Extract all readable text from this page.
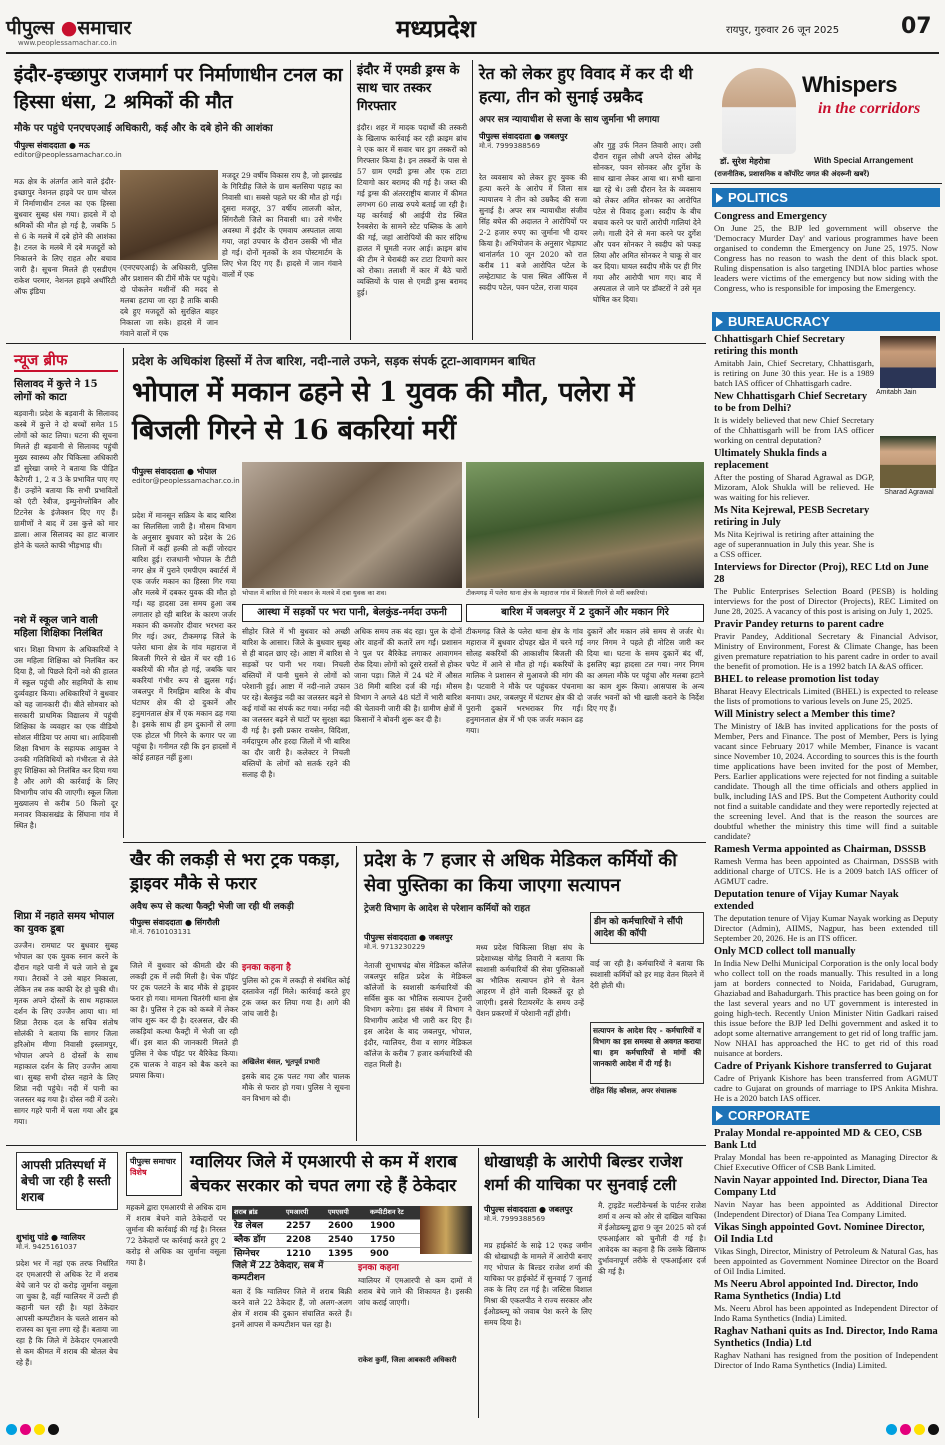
पीपुल्स ●समाचार
www.peoplessamachar.co.in	मध्यप्रदेश	रायपुर, गुरुवार 26 जून 2025	07
इंदौर-इच्छापुर राजमार्ग पर निर्माणाधीन टनल का हिस्सा धंसा, 2 श्रमिकों की मौत
मौके पर पहुंचे एनएचएआई अधिकारी, कई और के दबे होने की आशंका
पीपुल्स संवाददाता ● मऊ
editor@peoplessamachar.co.in
मऊ क्षेत्र के अंतर्गत आने वाले इंदौर-इच्छापुर नेशनल हाइवे पर ग्राम चोरल में निर्माणाधीन टनल का एक हिस्सा बुधवार सुबह धंस गया। हादसे में दो श्रमिकों की मौत हो गई है, जबकि 5 से 6 के मलबे में दबे होने की आशंका है। टनल के मलबे में दबे मजदूरों को निकालने के लिए राहत और बचाव जारी है। सूचना मिलते ही एसडीएम राकेश परमार, नेशनल हाइवे अथॉरिटी ऑफ इंडिया
(एनएचएआई) के अधिकारी, पुलिस और प्रशासन की टीमें मौके पर पहुंचे। दो पोकलेन मशीनों की मदद से मलबा हटाया जा रहा है ताकि बाकी दबे हुए मजदूरों को सुरक्षित बाहर निकाला जा सके। हादसे में जान गंवाने वालों में एक
मजदूर 29 वर्षीय विकास राय है, जो झारखंड के गिरिडीह जिले के ग्राम बलसिया पहाड़ का निवासी था। सबसे पहले घर की मौत हो गई। दूसरा मजदूर, 37 वर्षीय लालजी कोल, सिंगरौली जिले का निवासी था। उसे गंभीर अवस्था में इंदौर के एमवाय अस्पताल लाया गया, जहां उपचार के दौरान उसकी भी मौत हो गई। दोनों मृतकों के शव पोस्टमार्टम के लिए भेज दिए गए हैं। हादसे में जान गंवाने वालों में एक
इंदौर में एमडी ड्रग्स के साथ चार तस्कर गिरफ्तार
इंदौर। शहर में मादक पदार्थों की तस्करी के खिलाफ कार्रवाई कर रही क्राइम ब्रांच ने एक कार में सवार चार ड्रग तस्करों को गिरफ्तार किया है। इन तस्करों के पास से 57 ग्राम एमडी ड्रग्स और एक टाटा टियागो कार बरामद की गई है। जब्त की गई ड्रग्स की अंतरराष्ट्रीय बाजार में कीमत लगभग 60 लाख रुपये बताई जा रही है। यह कार्रवाई श्री आईपी रोड स्थित रैनबसेरा के सामने स्टेट पब्लिक के आगे की गई, जहां आरोपियों की कार संदिग्ध हालत में घूमती नजर आई। क्राइम ब्रांच की टीम ने घेराबंदी कर टाटा टियागो कार को रोका। तलाशी में कार में बैठे चारों व्यक्तियों के पास से एमडी ड्रग्स बरामद हुई।
रेत को लेकर हुए विवाद में कर दी थी हत्या, तीन को सुनाई उम्रकैद
अपर सत्र न्यायाधीश से सजा के साथ जुर्माना भी लगाया
पीपुल्स संवाददाता ● जबलपुर
मो.नं. 7999388569
रेत व्यवसाय को लेकर हुए युवक की हत्या करने के आरोप में जिला सत्र न्यायालय ने तीन को उम्रकैद की सजा सुनाई है। अपर सत्र न्यायाधीश संजीव सिंह बघेल की अदालत ने आरोपियों पर 2-2 हजार रुपए का जुर्माना भी दायर किया है। अभियोजन के अनुसार भेड़ाघाट थानांतर्गत 10 जून 2020 को रात करीब 11 बजे आरोपित पटेल के लम्हेटाघाट के पास स्थित ऑफिस में स्वदीप पटेल, पवन पटेल, राजा यादव
और गुड्ड उर्फ नितन तिवारी आए। उसी दौरान राहुल लोधी अपने दोस्त ओमेंद्र सोनकर, पवन सोनकर और दुर्गेश के साथ खाना लेकर आया था। सभी खाना खा रहे थे। उसी दौरान रेत के व्यवसाय को लेकर अमित सोनकर का आरोपित पटेल से विवाद हुआ। स्वदीप के बीच बचाव करने पर चारों आरोपी गालियां देने लगे। गाली देने से मना करने पर दुर्गेश और पवन सोनकर ने स्वदीप को पकड़ लिया और अमित सोनकर ने चाकू से वार कर दिया। घायल स्वदीप मौके पर ही गिर गया और आरोपी भाग गए। बाद में अस्पताल ले जाने पर डॉक्टरों ने उसे मृत घोषित कर दिया।
Whispers
in the corridors
डॉ. सुरेश मेहरोत्रा	With Special Arrangement
(राजनीतिक, प्रशासनिक व कॉर्पोरेट जगत की अंदरूनी खबरें)
POLITICS
Congress and Emergency
On June 25, the BJP led government will observe the 'Democracy Murder Day' and various programmes have been organised to condemn the Emergency on June 25, 1975. Now Congress has no reason to wash the dent of this black spot. Ruling dispensation is also targeting INDIA bloc parties whose leaders were victims of the emergency but now siding with the Congress, who is responsible for imposing the Emergency.
BUREAUCRACY
Amitabh Jain
Sharad Agrawal
Chhattisgarh Chief Secretary retiring this month
Amitabh Jain, Chief Secretary, Chhattisgarh, is retiring on June 30 this year. He is a 1989 batch IAS officer of Chhattisgarh cadre.
New Chhattisgarh Chief Secretary to be from Delhi?
It is widely believed that new Chief Secretary of the Chhattisgarh will be from IAS officer working on central deputation?
Ultimately Shukla finds a replacement
After the posting of Sharad Agrawal as DGP, Mizoram, Alok Shukla will be relieved. He was waiting for his reliever.
Ms Nita Kejrewal, PESB Secretary retiring in July
Ms Nita Kejriwal is retiring after attaining the age of superannuation in July this year. She is a CSS officer.
Interviews for Director (Proj), REC Ltd on June 28
The Public Enterprises Selection Board (PESB) is holding interviews for the post of Director (Projects), REC Limited on June 28, 2025. A vacancy of this post is arising on July 1, 2025.
Pravir Pandey returns to parent cadre
Pravir Pandey, Additional Secretary & Financial Advisor, Ministry of Environment, Forest & Climate Change, has been given premature repatriation to his parent cadre in order to avail the benefit of promotion. He is a 1992 batch IA &AS officer.
BHEL to release promotion list today
Bharat Heavy Electricals Limited (BHEL) is expected to release the lists of promotions to various levels on June 25, 2025.
Will Ministry select a Member this time?
The Ministry of I&B has invited applications for the posts of Member, Pers and Finance. The post of Member, Pers is lying vacant since February 2017 while Member, Finance is vacant since November 10, 2024. According to sources this is the fourth time applications have been invited for the post of Member, Pers. Earlier applications were rejected for not finding a suitable candidate. Though all the time officials and others applied in bulk, including IAS and IPS. But the Competent Authority could not find a suitable candidate and they were reportedly rejected at the screening level. And that is the reason the sources are doubtful whether the ministry this time will find a suitable candidate?
Ramesh Verma appointed as Chairman, DSSSB
Ramesh Verma has been appointed as Chairman, DSSSB with additional charge of UTCS. He is a 2009 batch IAS officer of AGMUT cadre.
Deputation tenure of Vijay Kumar Nayak extended
The deputation tenure of Vijay Kumar Nayak working as Deputy Director (Admin), AIIMS, Nagpur, has been extended till September 20, 2026. He is an ITS officer.
Only MCD collect toll manually
In India New Delhi Municipal Corporation is the only local body who collect toll on the roads manually. This resulted in a long jam at borders connected to Noida, Faridabad, Gurugram, Ghaziabad and Bahadurgarh. This practice has been going on for the last several years and no UT government is interested in going high-tech. Recently Union Minister Nitin Gadkari raised this issue before the BJP led Delhi government and asked it to adopt some alternative arrangement to get rid of long traffic jam. Now NHAI has approached the HC to get rid of this road nuisance at borders.
Cadre of Priyank Kishore transferred to Gujarat
Cadre of Priyank Kishore has been transferred from AGMUT cadre to Gujarat on grounds of marriage to IPS Ankita Mishra. He is a 2020 batch IAS officer.
CORPORATE
Pralay Mondal re-appointed MD & CEO, CSB Bank Ltd
Pralay Mondal has been re-appointed as Managing Director & Chief Executive Officer of CSB Bank Limited.
Navin Nayar appointed Ind. Director, Diana Tea Company Ltd
Navin Nayar has been appointed as Additional Director (Independent Director) of Diana Tea Company Limited.
Vikas Singh appointed Govt. Nominee Director, Oil India Ltd
Vikas Singh, Director, Ministry of Petroleum & Natural Gas, has been appointed as Government Nominee Director on the Board of Oil India Limited.
Ms Neeru Abrol appointed Ind. Director, Indo Rama Synthetics (India) Ltd
Ms. Neeru Abrol has been appointed as Independent Director of Indo Rama Synthetics (India) Limited.
Raghav Nathani quits as Ind. Director, Indo Rama Synthetics (India) Ltd
Raghav Nathani has resigned from the position of Independent Director of Indo Rama Synthetics (India) Limited.
न्यूज ब्रीफ
सिलावद में कुत्ते ने 15 लोगों को काटा
बड़वानी। प्रदेश के बड़वानी के सिलावद कस्बे में कुत्ते ने दो बच्चों समेत 15 लोगों को काट लिया। घटना की सूचना मिलते ही बड़वानी से सिलावद पहुंची मुख्य स्वास्थ्य और चिकित्सा अधिकारी डॉ सुरेखा जमरे ने बताया कि पीड़ित कैटेगरी 1, 2 व 3 के प्रभावित पाए गए हैं। उन्होंने बताया कि सभी प्रभावितों को एंटी रेबीज, इम्युनोग्लोबिन और टिटनेस के इंजेक्शन दिए गए हैं। ग्रामीणों ने बाद में उस कुत्ते को मार डाला। आज सिलावद का हाट बाजार होने के चलते काफी भीड़भाड़ थी।
नशे में स्कूल जाने वाली महिला शिक्षिका निलंबित
धार। शिक्षा विभाग के अधिकारियों ने उस महिला शिक्षिका को निलंबित कर दिया है, जो पिछले दिनों नशे की हालत में स्कूल पहुंची और सहमियों के साथ दुर्व्यवहार किया। अधिकारियों ने बुधवार को यह जानकारी दी। बीते सोमवार को सरकारी प्राथमिक विद्यालय में पहुंची शिक्षिका के व्यवहार का एक वीडियो सोशल मीडिया पर आया था। आदिवासी शिक्षा विभाग के सहायक आयुक्त ने उनकी गतिविधियों को गंभीरता से लेते हुए शिक्षिका को निलंबित कर दिया गया है और आगे की कार्रवाई के लिए विभागीय जांच की जाएगी। स्कूल जिला मुख्यालय से करीब 50 किलो दूर मनावर विकासखंड के सिंघाना गांव में स्थित है।
शिप्रा में नहाते समय भोपाल का युवक डूबा
उज्जैन। रामघाट पर बुधवार सुबह भोपाल का एक युवक स्नान करने के दौरान गहरे पानी में चले जाने से डूब गया। तैराकों ने उसे बाहर निकाला, लेकिन तब तक काफी देर हो चुकी थी। मृतक अपने दोस्तों के साथ महाकाल दर्शन के लिए उज्जैन आया था। मां शिप्रा तैराक दल के सचिव संतोष सोलंकी ने बताया कि सागर जिला हरिओम मीणा निवासी इस्लामपुर, भोपाल अपने 8 दोस्तों के साथ महाकाल दर्शन के लिए उज्जैन आया था। सुबह सभी दोस्त नहाने के लिए शिप्रा नदी पहुंचे। नदी में पानी का जलस्तर बढ़ गया है। दोस्त नदी में उतरे। सागर गहरे पानी में चला गया और डूब गया।
प्रदेश के अधिकांश हिस्सों में तेज बारिश, नदी-नाले उफने, सड़क संपर्क टूटा-आवागमन बाधित
भोपाल में मकान ढहने से 1 युवक की मौत, पलेरा में बिजली गिरने से 16 बकरियां मरीं
पीपुल्स संवाददाता ● भोपाल
editor@peoplessamachar.co.in
प्रदेश में मानसून सक्रिय के बाद बारिश का सिलसिला जारी है। मौसम विभाग के अनुसार बुधवार को प्रदेश के 26 जिलों में कहीं हल्की तो कहीं जोरदार बारिश हुई। राजधानी भोपाल के टीटी नगर क्षेत्र में पुराने एमपीएम क्वार्टर्स में एक जर्जर मकान का हिस्सा गिर गया और मलबे में दबकर युवक की मौत हो गई। यह हादसा उस समय हुआ जब लगातार हो रही बारिश के कारण जर्जर मकान की कमजोर दीवार भरभरा कर गिर गई। उधर, टीकमगढ़ जिले के पलेरा थाना क्षेत्र के गांव महाराज में बिजली गिरने से खेत में चर रही 16 बकरियों की मौत हो गई, जबकि चार बकरियां गंभीर रूप से झुलस गई। जबलपुर में रिमझिम बारिश के बीच घंटाघर क्षेत्र की दो दुकानें और हनुमानताल क्षेत्र में एक मकान ढह गया है। इसके साथ ही हम दुकानों से लगा एक होटल भी गिरने के कगार पर जा पहुंचा है। गनीमत रही कि इन हादसों में कोई हताहत नहीं हुआ।
भोपाल में बारिश से गिरे मकान के मलबे में दबा युवक का शव।	टीकमगढ़ में पलेरा थाना क्षेत्र के महाराज गांव में बिजली गिरने से मरीं बकरियां।
आस्था में सड़कों पर भरा पानी, बेलकुंड-नर्मदा उफनी	बारिश में जबलपुर में 2 दुकानें और मकान गिरे
सीहोर जिले में भी बुधवार को अच्छी बारिश के आसार। जिले के बुधवार सुबह से ही बादल छाए रहे। आष्टा में बारिश से सड़कों पर पानी भर गया। निचली बस्तियों में पानी घुसने से लोगों को परेशानी हुई। आष्टा में नदी-नाले उफान पर रहे। बेलकुंड नदी का जलस्तर बढ़ने से कई गांवों का संपर्क कट गया। नर्मदा नदी का जलस्तर बढ़ने से घाटों पर सुरक्षा बढ़ा दी गई है। इसी प्रकार रायसेन, विदिशा, नर्मदापुरम और हरदा जिलों में भी बारिश का दौर जारी है। कलेक्टर ने निचली बस्तियों के लोगों को सतर्क रहने की सलाह दी है।
अधिक समय तक बंद रहा। पुल के दोनों ओर वाहनों की कतारें लग गईं। प्रशासन ने पुल पर बैरिकेड लगाकर आवागमन रोक दिया। लोगों को दूसरे रास्तों से होकर जाना पड़ा। जिले में 24 घंटे में औसत 38 मिमी बारिश दर्ज की गई। मौसम विभाग ने अगले 48 घंटों में भारी बारिश की चेतावनी जारी की है। ग्रामीण क्षेत्रों में किसानों ने बोवनी शुरू कर दी है।
टीकमगढ़ जिले के पलेरा थाना क्षेत्र के गांव महाराज में बुधवार दोपहर खेत में चरने गई सोलह बकरियों की आकाशीय बिजली की चपेट में आने से मौत हो गई। बकरियों के मालिक ने प्रशासन से मुआवजे की मांग की है। पटवारी ने मौके पर पहुंचकर पंचनामा बनाया। उधर, जबलपुर में घंटाघर क्षेत्र की दो पुरानी दुकानें भरभराकर गिर गईं। हनुमानताल क्षेत्र में भी एक जर्जर मकान ढह गया।
दुकानें और मकान लंबे समय से जर्जर थे। नगर निगम ने पहले ही नोटिस जारी कर दिया था। घटना के समय दुकानें बंद थीं, इसलिए बड़ा हादसा टल गया। नगर निगम का अमला मौके पर पहुंचा और मलबा हटाने का काम शुरू किया। आसपास के अन्य जर्जर भवनों को भी खाली कराने के निर्देश दिए गए हैं।
खैर की लकड़ी से भरा ट्रक पकड़ा, ड्राइवर मौके से फरार
अवैध रूप से कत्था फैक्ट्री भेजी जा रही थी लकड़ी
पीपुल्स संवाददाता ● सिंगरौली
मो.नं. 7610103131
जिले में बुधवार को कीमती खैर की लकड़ी ट्रक में लदी मिली है। चेक पॉइंट पर ट्रक पलटने के बाद मौके से ड्राइवर फरार हो गया। मामला चितरंगी थाना क्षेत्र का है। पुलिस ने ट्रक को कब्जे में लेकर जांच शुरू कर दी है। दरअसल, खैर की लकड़ियां कत्था फैक्ट्री में भेजी जा रही थीं। इस बात की जानकारी मिलते ही पुलिस ने चेक पॉइंट पर बैरिकेड किया। ट्रक चालक ने वाहन को बैक करने का प्रयास किया।
इनका कहना है
पुलिस को ट्रक में लकड़ी से संबंधित कोई दस्तावेज नहीं मिले। कार्रवाई करते हुए ट्रक जब्त कर लिया गया है। आगे की जांच जारी है।
अखिलेश बंसल, भूतपूर्व प्रभारी
इसके बाद ट्रक पलट गया और चालक मौके से फरार हो गया। पुलिस ने सूचना वन विभाग को दी।
प्रदेश के 7 हजार से अधिक मेडिकल कर्मियों की सेवा पुस्तिका का किया जाएगा सत्यापन
ट्रेजरी विभाग के आदेश से परेशान कर्मियों को राहत
डीन को कर्मचारियों ने सौंपी आदेश की कॉपी
पीपुल्स संवाददाता ● जबलपुर
मो.नं. 9713230229
नेताजी सुभाषचंद्र बोस मेडिकल कॉलेज जबलपुर सहित प्रदेश के मेडिकल कॉलेजों के स्वशासी कर्मचारियों की सर्विस बुक का भौतिक सत्यापन ट्रेजरी विभाग करेगा। इस संबंध में विभाग ने विभागीय आदेश भी जारी कर दिए हैं। इस आदेश के बाद जबलपुर, भोपाल, इंदौर, ग्वालियर, रीवा व सागर मेडिकल कॉलेज के करीब 7 हजार कर्मचारियों की राहत मिली है।
मध्य प्रदेश चिकित्सा शिक्षा संघ के प्रदेशाध्यक्ष योगेंद्र तिवारी ने बताया कि स्वशासी कर्मचारियों की सेवा पुस्तिकाओं का भौतिक सत्यापन होने से वेतन आहरण में होने वाली दिक्कतें दूर हो जाएंगी। इससे रिटायरमेंट के समय उन्हें पेंशन प्रकरणों में परेशानी नहीं होगी।
वाई जा रही है। कर्मचारियों ने बताया कि स्वशासी कर्मियों को हर माह वेतन मिलने में देरी होती थी।
सत्यापन के आदेश दिए - कर्मचारियों व विभाग का इस समस्या से अवगत कराया था। हम कर्मचारियों से मांगों की जानकारी आदेश में दी गई है।
रोहित सिंह कौशल, अपर संचालक
आपसी प्रतिस्पर्धा में बेची जा रही है सस्ती शराब
शुभांशु पांडे ● ग्वालियर
मो.नं. 9425161037
प्रदेश भर में नहां एक तरफ निर्धारित दर एमआरपी से अधिक रेट में शराब बेचे जाने पर दो करोड़ जुर्माना वसूला जा चुका है, वहीं ग्वालियर में उल्टी ही कहानी चल रही है। यहां ठेकेदार आपसी कम्पटीशन के चलते शासन को राजस्व का चूना लगा रहे हैं। बताया जा रहा है कि जिले में ठेकेदार एमआरपी से कम कीमत में शराब की बोतल बेच रहे हैं।
पीपुल्स समाचार
विशेष
ग्वालियर जिले में एमआरपी से कम में शराब बेचकर सरकार को चपत लगा रहे हैं ठेकेदार
महकमे द्वारा एमआरपी से अधिक दाम में शराब बेचने वाले ठेकेदारों पर जुर्माना की कार्रवाई की गई है। निरस्त 72 ठेकेदारों पर कार्रवाई करते हुए 2 करोड़ से अधिक का जुर्माना वसूला गया है।
शराब ब्रांड	एमआरपी	एमएसपी	कम्पीटीशन रेट
रेड लेबल	2257	2600	1900
ब्लैक डॉग	2208	2540	1750
सिग्नेचर	1210	1395	900
जिले में 22 ठेकेदार, सब में कम्पटीशन
बता दें कि ग्वालियर जिले में शराब बिक्री करने वाले 22 ठेकेदार हैं, जो अलग-अलग क्षेत्र में शराब की दुकान संचालित करते हैं। इनमें आपस में कम्पटीशन चल रहा है।
इनका कहना
ग्वालियर में एमआरपी से कम दामों में शराब बेचे जाने की शिकायत है। इसकी जांच कराई जाएगी।
राकेश कुर्मी, जिला आबकारी अधिकारी
धोखाधड़ी के आरोपी बिल्डर राजेश शर्मा की याचिका पर सुनवाई टली
पीपुल्स संवाददाता ● जबलपुर
मो.नं. 7999388569
मप्र हाईकोर्ट के साढ़े 12 एकड़ जमीन की धोखाधड़ी के मामले में आरोपी बनाए गए भोपाल के बिल्डर राजेश शर्मा की याचिका पर हाईकोर्ट में सुनवाई 7 जुलाई तक के लिए टल गई है। जस्टिस विशाल मिश्रा की एकलपीठ ने राज्य सरकार और ईओडब्ल्यू को जवाब पेश करने के लिए समय दिया है।
मै. ट्राइडेंट मल्टीवेन्चर्स के पार्टनर राजेश शर्मा व अन्य को ओर से दाखिल याचिका में ईओडब्ल्यू द्वारा 9 जून 2025 को दर्ज एफआईआर को चुनौती दी गई है। आवेदक का कहना है कि उसके खिलाफ दुर्भावनापूर्ण तरीके से एफआईआर दर्ज की गई है।
